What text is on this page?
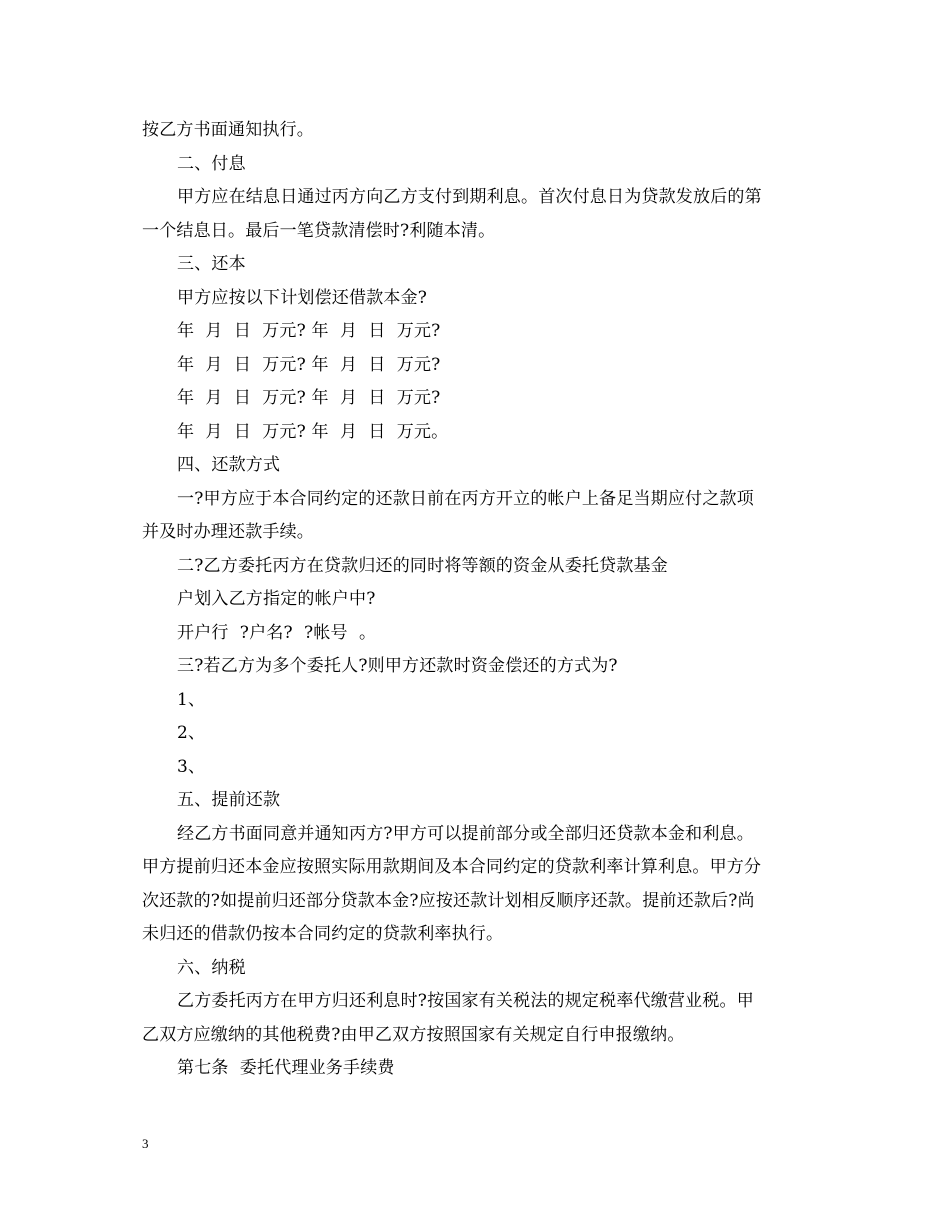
按乙方书面通知执行。
二、付息
甲方应在结息日通过丙方向乙方支付到期利息。首次付息日为贷款发放后的第
一个结息日。最后一笔贷款清偿时?利随本清。
三、还本
甲方应按以下计划偿还借款本金?
年  月  日  万元? 年  月  日  万元?
年  月  日  万元? 年  月  日  万元?
年  月  日  万元? 年  月  日  万元?
年  月  日  万元? 年  月  日  万元。
四、还款方式
一?甲方应于本合同约定的还款日前在丙方开立的帐户上备足当期应付之款项
并及时办理还款手续。
二?乙方委托丙方在贷款归还的同时将等额的资金从委托贷款基金
户划入乙方指定的帐户中?
开户行  ?户名?  ?帐号  。
三?若乙方为多个委托人?则甲方还款时资金偿还的方式为?
1、
2、
3、
五、提前还款
经乙方书面同意并通知丙方?甲方可以提前部分或全部归还贷款本金和利息。
甲方提前归还本金应按照实际用款期间及本合同约定的贷款利率计算利息。甲方分
次还款的?如提前归还部分贷款本金?应按还款计划相反顺序还款。提前还款后?尚
未归还的借款仍按本合同约定的贷款利率执行。
六、纳税
乙方委托丙方在甲方归还利息时?按国家有关税法的规定税率代缴营业税。甲
乙双方应缴纳的其他税费?由甲乙双方按照国家有关规定自行申报缴纳。
第七条  委托代理业务手续费
3
